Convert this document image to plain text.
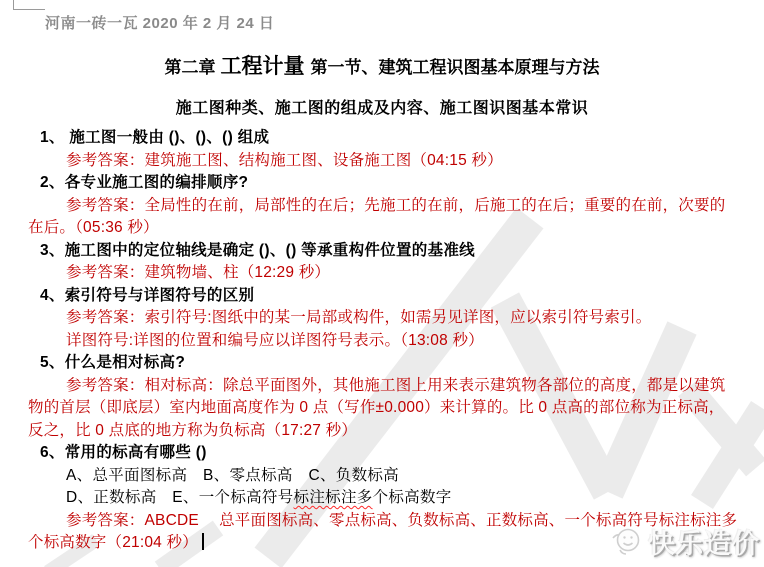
河南一砖一瓦 2020 年 2 月 24 日
第二章 工程计量 第一节、建筑工程识图基本原理与方法
施工图种类、施工图的组成及内容、施工图识图基本常识

1、 施工图一般由 ()、()、() 组成

参考答案：建筑施工图、结构施工图、设备施工图（04:15 秒）

2、各专业施工图的编排顺序?

参考答案：全局性的在前，局部性的在后；先施工的在前，后施工的在后；重要的在前，次要的在后。（05:36 秒）

3、施工图中的定位轴线是确定 ()、() 等承重构件位置的基准线

参考答案：建筑物墙、柱（12:29 秒）

4、索引符号与详图符号的区别

参考答案：索引符号:图纸中的某一局部或构件，如需另见详图，应以索引符号索引。

详图符号:详图的位置和编号应以详图符号表示。（13:08 秒）

5、什么是相对标高?

参考答案：相对标高：除总平面图外，其他施工图上用来表示建筑物各部位的高度，都是以建筑物的首层（即底层）室内地面高度作为 0 点（写作±0.000）来计算的。比 0 点高的部位称为正标高，反之，比 0 点底的地方称为负标高（17:27 秒）

6、常用的标高有哪些 ()

A、总平面图标高　B、零点标高　C、负数标高

D、正数标高　E、一个标高符号标注标注多个标高数字

参考答案：ABCDE　 总平面图标高、零点标高、负数标高、正数标高、一个标高符号标注标注多个标高数字（21:04 秒）	快乐造价
